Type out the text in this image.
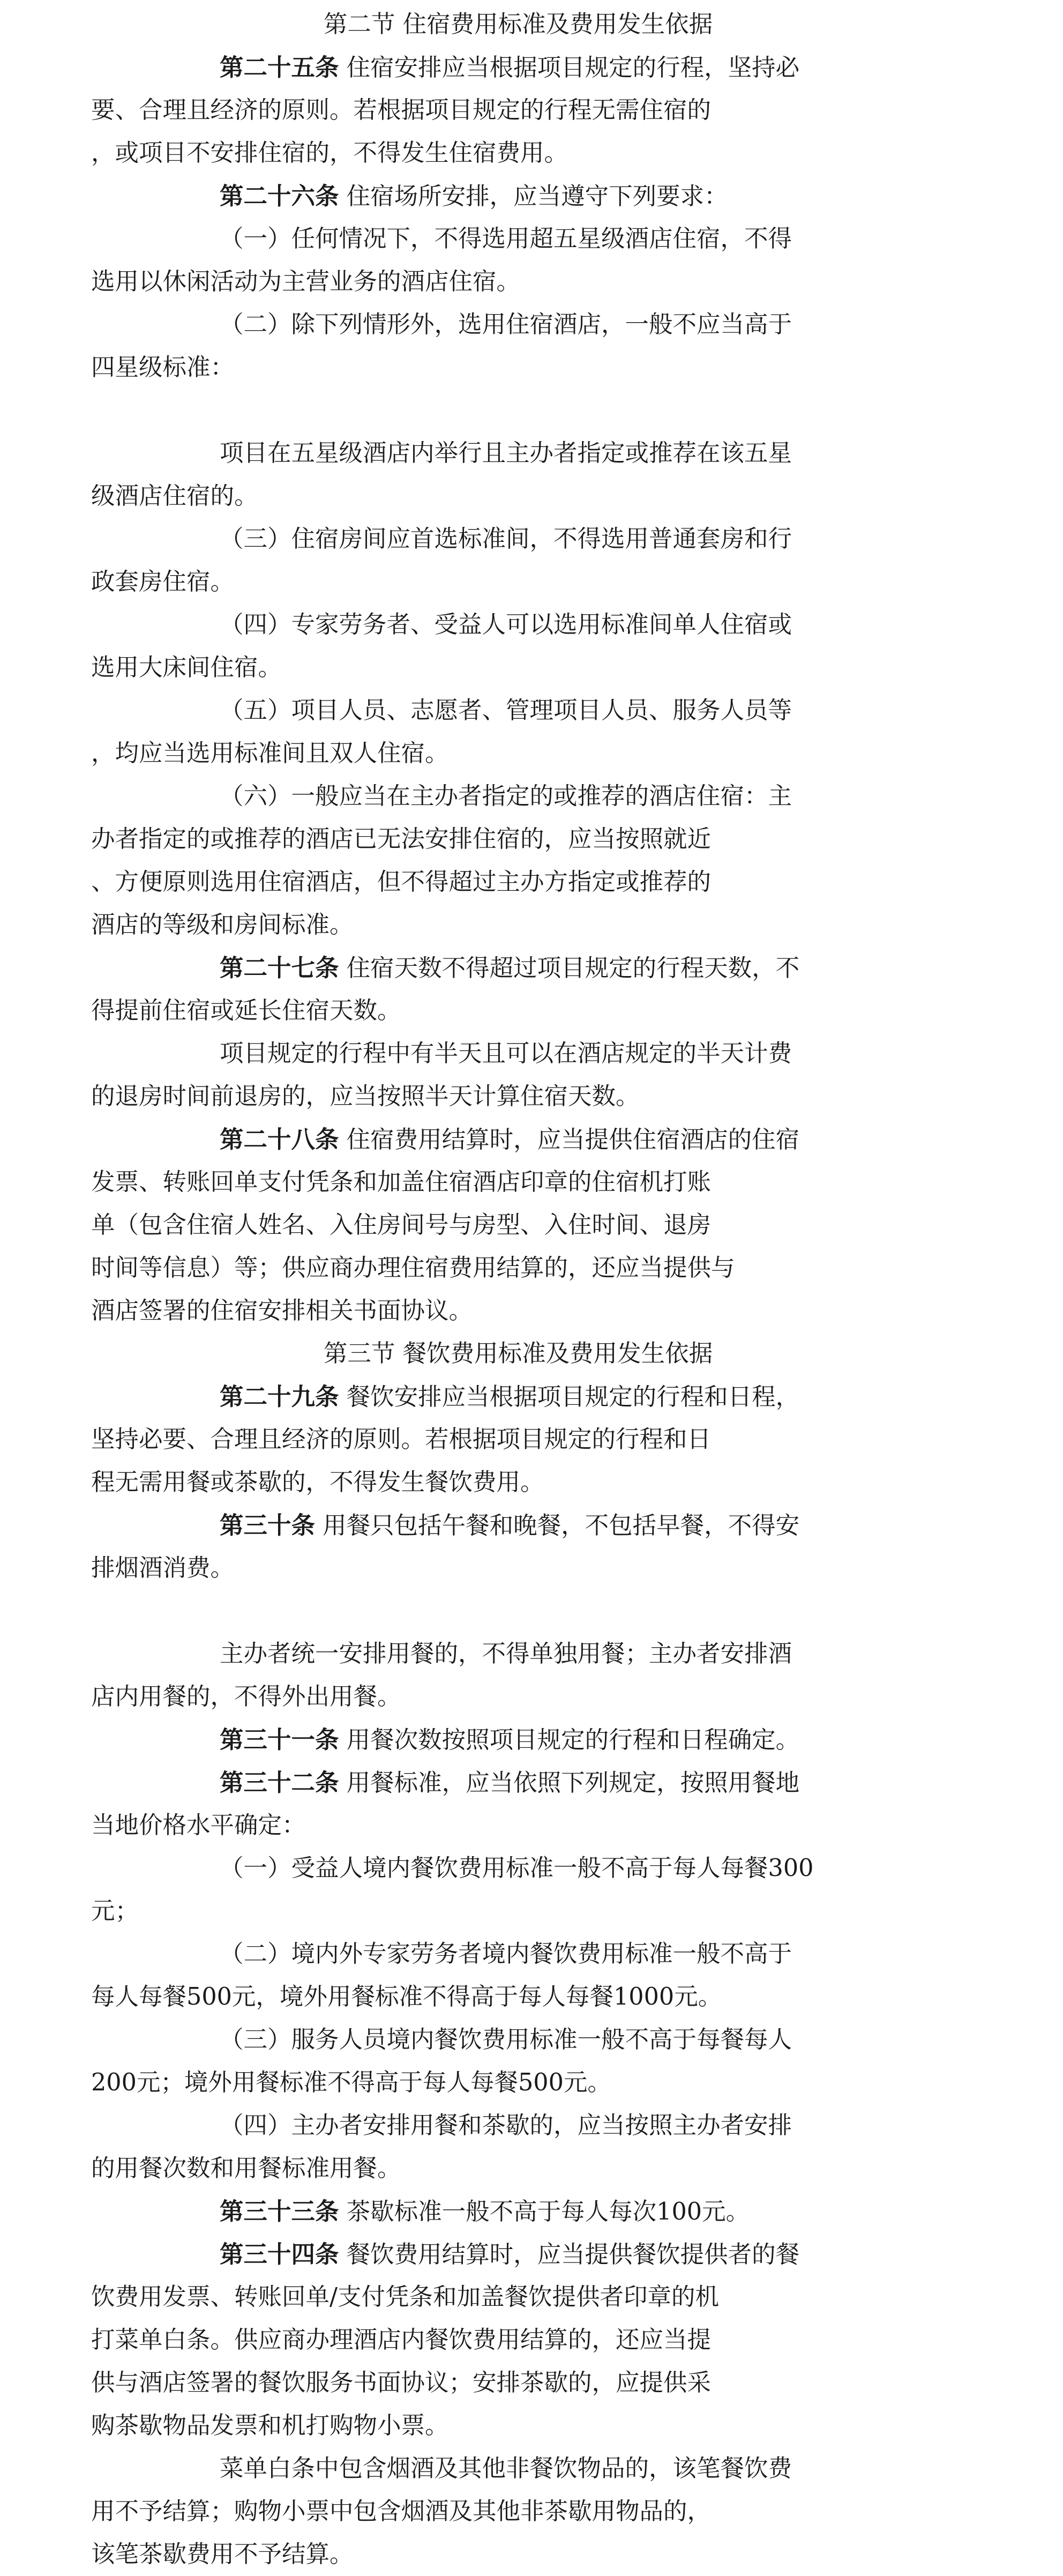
第二节 住宿费用标准及费用发生依据
第二十五条 住宿安排应当根据项目规定的行程，坚持必
要、合理且经济的原则。若根据项目规定的行程无需住宿的
，或项目不安排住宿的，不得发生住宿费用。
第二十六条 住宿场所安排，应当遵守下列要求：
（一）任何情况下，不得选用超五星级酒店住宿，不得
选用以休闲活动为主营业务的酒店住宿。
（二）除下列情形外，选用住宿酒店，一般不应当高于
四星级标准：
项目在五星级酒店内举行且主办者指定或推荐在该五星
级酒店住宿的。
（三）住宿房间应首选标准间，不得选用普通套房和行
政套房住宿。
（四）专家劳务者、受益人可以选用标准间单人住宿或
选用大床间住宿。
（五）项目人员、志愿者、管理项目人员、服务人员等
，均应当选用标准间且双人住宿。
（六）一般应当在主办者指定的或推荐的酒店住宿：主
办者指定的或推荐的酒店已无法安排住宿的，应当按照就近
、方便原则选用住宿酒店，但不得超过主办方指定或推荐的
酒店的等级和房间标准。
第二十七条 住宿天数不得超过项目规定的行程天数，不
得提前住宿或延长住宿天数。
项目规定的行程中有半天且可以在酒店规定的半天计费
的退房时间前退房的，应当按照半天计算住宿天数。
第二十八条 住宿费用结算时，应当提供住宿酒店的住宿
发票、转账回单支付凭条和加盖住宿酒店印章的住宿机打账
单（包含住宿人姓名、入住房间号与房型、入住时间、退房
时间等信息）等；供应商办理住宿费用结算的，还应当提供与
酒店签署的住宿安排相关书面协议。
第三节 餐饮费用标准及费用发生依据
第二十九条 餐饮安排应当根据项目规定的行程和日程，
坚持必要、合理且经济的原则。若根据项目规定的行程和日
程无需用餐或茶歇的，不得发生餐饮费用。
第三十条 用餐只包括午餐和晚餐，不包括早餐，不得安
排烟酒消费。
主办者统一安排用餐的，不得单独用餐；主办者安排酒
店内用餐的，不得外出用餐。
第三十一条 用餐次数按照项目规定的行程和日程确定。
第三十二条 用餐标准，应当依照下列规定，按照用餐地
当地价格水平确定：
（一）受益人境内餐饮费用标准一般不高于每人每餐300
元；
（二）境内外专家劳务者境内餐饮费用标准一般不高于
每人每餐500元，境外用餐标准不得高于每人每餐1000元。
（三）服务人员境内餐饮费用标准一般不高于每餐每人
200元；境外用餐标准不得高于每人每餐500元。
（四）主办者安排用餐和茶歇的，应当按照主办者安排
的用餐次数和用餐标准用餐。
第三十三条 茶歇标准一般不高于每人每次100元。
第三十四条 餐饮费用结算时，应当提供餐饮提供者的餐
饮费用发票、转账回单/支付凭条和加盖餐饮提供者印章的机
打菜单白条。供应商办理酒店内餐饮费用结算的，还应当提
供与酒店签署的餐饮服务书面协议；安排茶歇的，应提供采
购茶歇物品发票和机打购物小票。
菜单白条中包含烟酒及其他非餐饮物品的，该笔餐饮费
用不予结算；购物小票中包含烟酒及其他非茶歇用物品的，
该笔茶歇费用不予结算。
